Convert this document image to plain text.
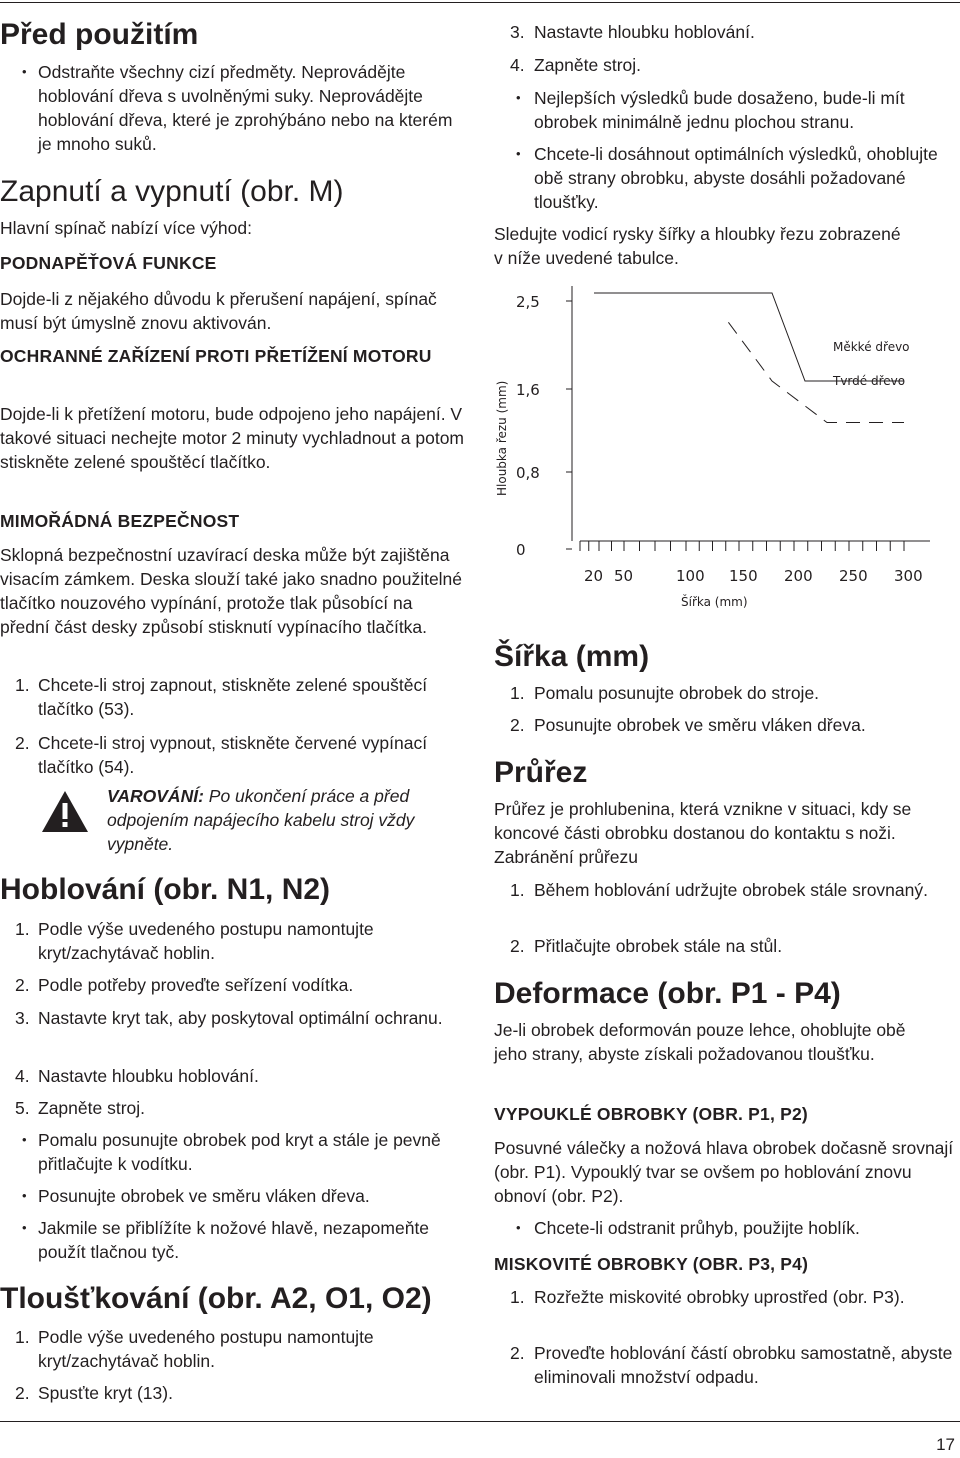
Před použitím
• Odstraňte všechny cizí předměty. Neprovádějte hoblování dřeva s uvolněnými suky. Neprovádějte hoblování dřeva, které je zprohýbáno nebo na kterém je mnoho suků.
Zapnutí a vypnutí (obr. M)
Hlavní spínač nabízí více výhod:
PODNAPĚŤOVÁ FUNKCE
Dojde-li z nějakého důvodu k přerušení napájení, spínač musí být úmyslně znovu aktivován.
OCHRANNÉ ZAŘÍZENÍ PROTI PŘETÍŽENÍ MOTORU
Dojde-li k přetížení motoru, bude odpojeno jeho napájení. V takové situaci nechejte motor 2 minuty vychladnout a potom stiskněte zelené spouštěcí tlačítko.
MIMOŘÁDNÁ BEZPEČNOST
Sklopná bezpečnostní uzavírací deska může být zajištěna visacím zámkem. Deska slouží také jako snadno použitelné tlačítko nouzového vypínání, protože tlak působící na přední část desky způsobí stisknutí vypínacího tlačítka.
1. Chcete-li stroj zapnout, stiskněte zelené spouštěcí tlačítko (53).
2. Chcete-li stroj vypnout, stiskněte červené vypínací tlačítko (54).
VAROVÁNÍ: Po ukončení práce a před odpojením napájecího kabelu stroj vždy vypněte.
Hoblování (obr. N1, N2)
1. Podle výše uvedeného postupu namontujte kryt/zachytávač hoblin.
2. Podle potřeby proveďte seřízení vodítka.
3. Nastavte kryt tak, aby poskytoval optimální ochranu.
4. Nastavte hloubku hoblování.
5. Zapněte stroj.
• Pomalu posunujte obrobek pod kryt a stále je pevně přitlačujte k vodítku.
• Posunujte obrobek ve směru vláken dřeva.
• Jakmile se přiblížíte k nožové hlavě, nezapomeňte použít tlačnou tyč.
Tloušťkování (obr. A2, O1, O2)
1. Podle výše uvedeného postupu namontujte kryt/zachytávač hoblin.
2. Spusťte kryt (13).
3. Nastavte hloubku hoblování.
4. Zapněte stroj.
• Nejlepších výsledků bude dosaženo, bude-li mít obrobek minimálně jednu plochou stranu.
• Chcete-li dosáhnout optimálních výsledků, ohoblujte obě strany obrobku, abyste dosáhli požadované tloušťky.
Sledujte vodicí rysky šířky a hloubky řezu zobrazené v níže uvedené tabulce.
Šířka (mm)
1. Pomalu posunujte obrobek do stroje.
2. Posunujte obrobek ve směru vláken dřeva.
Průřez
Průřez je prohlubenina, která vznikne v situaci, kdy se koncové části obrobku dostanou do kontaktu s noži. Zabránění průřezu
1. Během hoblování udržujte obrobek stále srovnaný.
2. Přitlačujte obrobek stále na stůl.
Deformace (obr. P1 - P4)
Je-li obrobek deformován pouze lehce, ohoblujte obě jeho strany, abyste získali požadovanou tloušťku.
VYPOUKLÉ OBROBKY (OBR. P1, P2)
Posuvné válečky a nožová hlava obrobek dočasně srovnají (obr. P1). Vypouklý tvar se ovšem po hoblování znovu obnoví (obr. P2).
• Chcete-li odstranit průhyb, použijte hoblík.
MISKOVITÉ OBROBKY (OBR. P3, P4)
1. Rozřežte miskovité obrobky uprostřed (obr. P3).
2. Proveďte hoblování částí obrobku samostatně, abyste eliminovali množství odpadu.
0
0,8
1,6
2,5
20 50	100 150 200 250 300
Šířka (mm)
Hloubka řezu (mm)
Měkké dřevo
Tvrdé dřevo
17
